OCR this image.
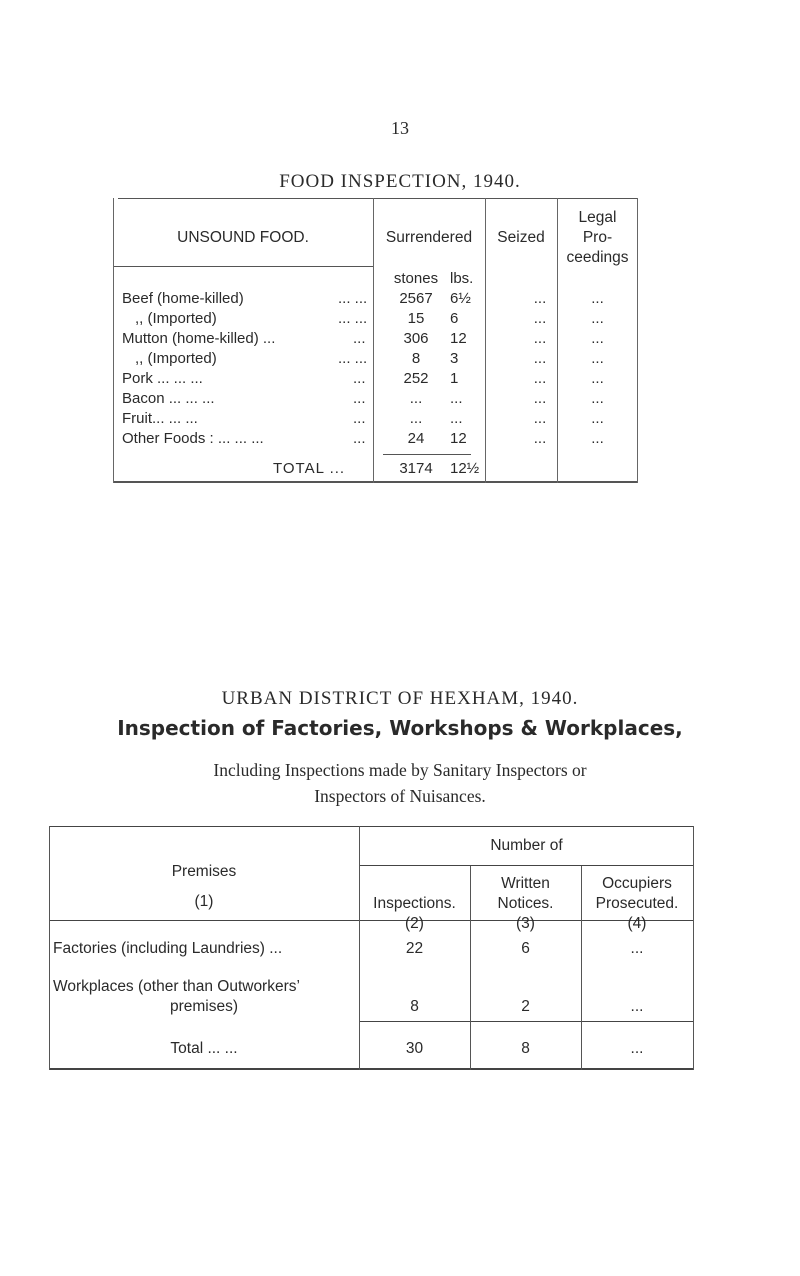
13
FOOD INSPECTION, 1940.
UNSOUND FOOD.	Surrendered	Seized
Legal
Pro-
ceedings
stones lbs.
Beef (home-killed)	... ...	2567	6½	...	...
,, (Imported)	... ...	15	6	...	...
Mutton (home-killed) ...	...	306	12	...	...
,, (Imported)	... ...	8	3	...	...
Pork ... ... ...	...	252	1	...	...
Bacon ... ... ...	...	...	...	...	...
Fruit... ... ...	...	...	...	...	...
Other Foods : ... ... ...	...	24	12	...	...
TOTAL ...	3174	12½
URBAN DISTRICT OF HEXHAM, 1940.
Inspection of Factories, Workshops & Workplaces,
Including Inspections made by Sanitary Inspectors or
Inspectors of Nuisances.
Premises
(1)
Number of
Inspections.
(2)
Written
Notices.
(3)
Occupiers
Prosecuted.
(4)
Factories (including Laundries) ...	22	6	...
Workplaces (other than Outworkers’
premises)	8	2	...
Total ... ...	30	8	...
